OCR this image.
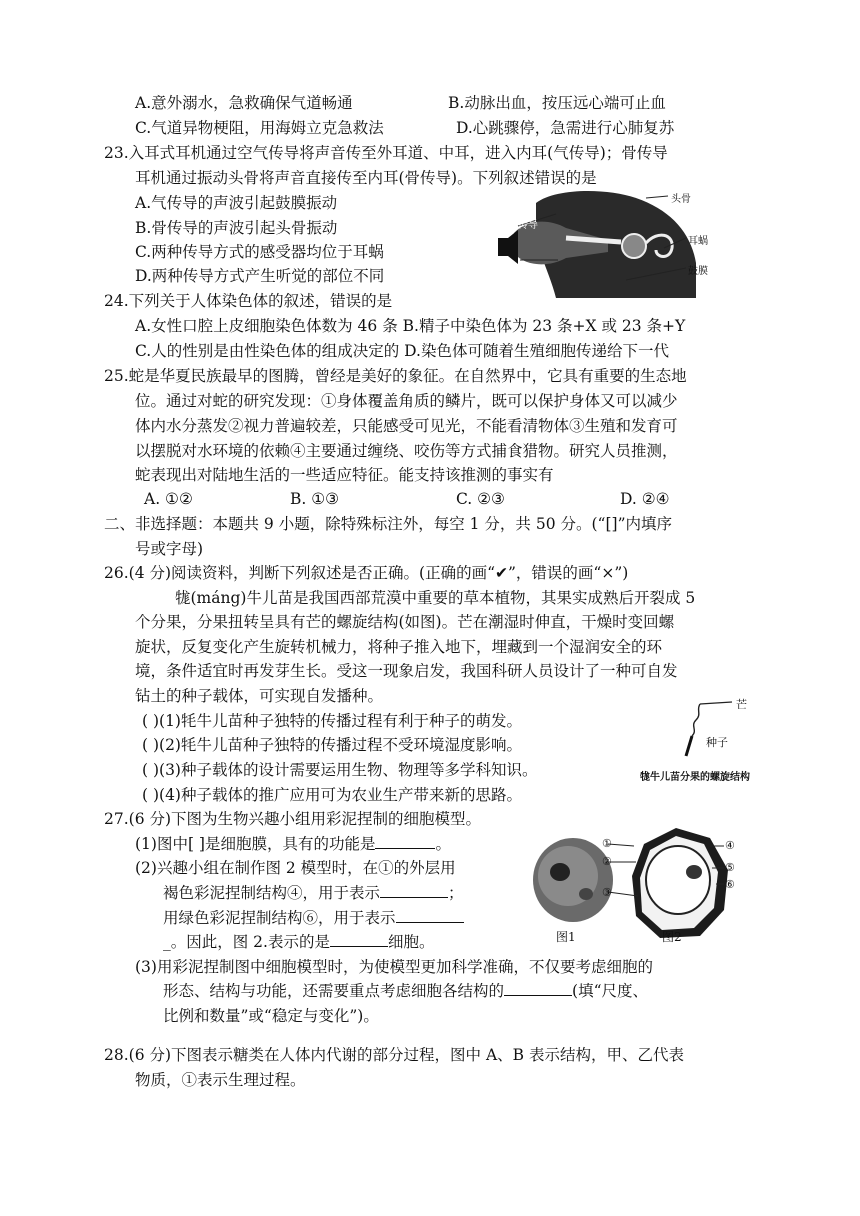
A.意外溺水，急救确保气道畅通	B.动脉出血，按压远心端可止血
C.气道异物梗阻，用海姆立克急救法	D.心跳骤停，急需进行心肺复苏
23.入耳式耳机通过空气传导将声音传至外耳道、中耳，进入内耳(气传导)；骨传导
耳机通过振动头骨将声音直接传至内耳(骨传导)。下列叙述错误的是
A.气传导的声波引起鼓膜振动
B.骨传导的声波引起头骨振动
C.两种传导方式的感受器均位于耳蜗
D.两种传导方式产生听觉的部位不同
骨传导
气传导
头骨
耳蜗
鼓膜
24.下列关于人体染色体的叙述，错误的是
A.女性口腔上皮细胞染色体数为 46 条 B.精子中染色体为 23 条+X 或 23 条+Y
C.人的性别是由性染色体的组成决定的 D.染色体可随着生殖细胞传递给下一代
25.蛇是华夏民族最早的图腾，曾经是美好的象征。在自然界中，它具有重要的生态地
位。通过对蛇的研究发现：①身体覆盖角质的鳞片，既可以保护身体又可以减少
体内水分蒸发②视力普遍较差，只能感受可见光，不能看清物体③生殖和发育可
以摆脱对水环境的依赖④主要通过缠绕、咬伤等方式捕食猎物。研究人员推测，
蛇表现出对陆地生活的一些适应特征。能支持该推测的事实有
A. ①②	B. ①③	C. ②③	D. ②④
二、非选择题：本题共 9 小题，除特殊标注外，每空 1 分，共 50 分。(“[]”内填序
号或字母)
26.(4 分)阅读资料，判断下列叙述是否正确。(正确的画“✔”，错误的画“×”)
牻(máng)牛儿苗是我国西部荒漠中重要的草本植物，其果实成熟后开裂成 5
个分果，分果扭转呈具有芒的螺旋结构(如图)。芒在潮湿时伸直，干燥时变回螺
旋状，反复变化产生旋转机械力，将种子推入地下，埋藏到一个湿润安全的环
境，条件适宜时再发芽生长。受这一现象启发，我国科研人员设计了一种可自发
钻土的种子载体，可实现自发播种。
( )(1)牦牛儿苗种子独特的传播过程有利于种子的萌发。
( )(2)牦牛儿苗种子独特的传播过程不受环境湿度影响。
( )(3)种子载体的设计需要运用生物、物理等多学科知识。
( )(4)种子载体的推广应用可为农业生产带来新的思路。
芒
种子
牻牛儿苗分果的螺旋结构
27.(6 分)下图为生物兴趣小组用彩泥捏制的细胞模型。
(1)图中[ ]是细胞膜，具有的功能是	。
(2)兴趣小组在制作图 2 模型时，在①的外层用
褐色彩泥捏制结构④，用于表示	；
用绿色彩泥捏制结构⑥，用于表示
_。因此，图 2.表示的是	细胞。
(3)用彩泥捏制图中细胞模型时，为使模型更加科学准确，不仅要考虑细胞的
形态、结构与功能，还需要重点考虑细胞各结构的	(填“尺度、
比例和数量”或“稳定与变化”)。
①
②
③
④
⑤
⑥
图1	图2
28.(6 分)下图表示糖类在人体内代谢的部分过程，图中 A、B 表示结构，甲、乙代表
物质，①表示生理过程。
